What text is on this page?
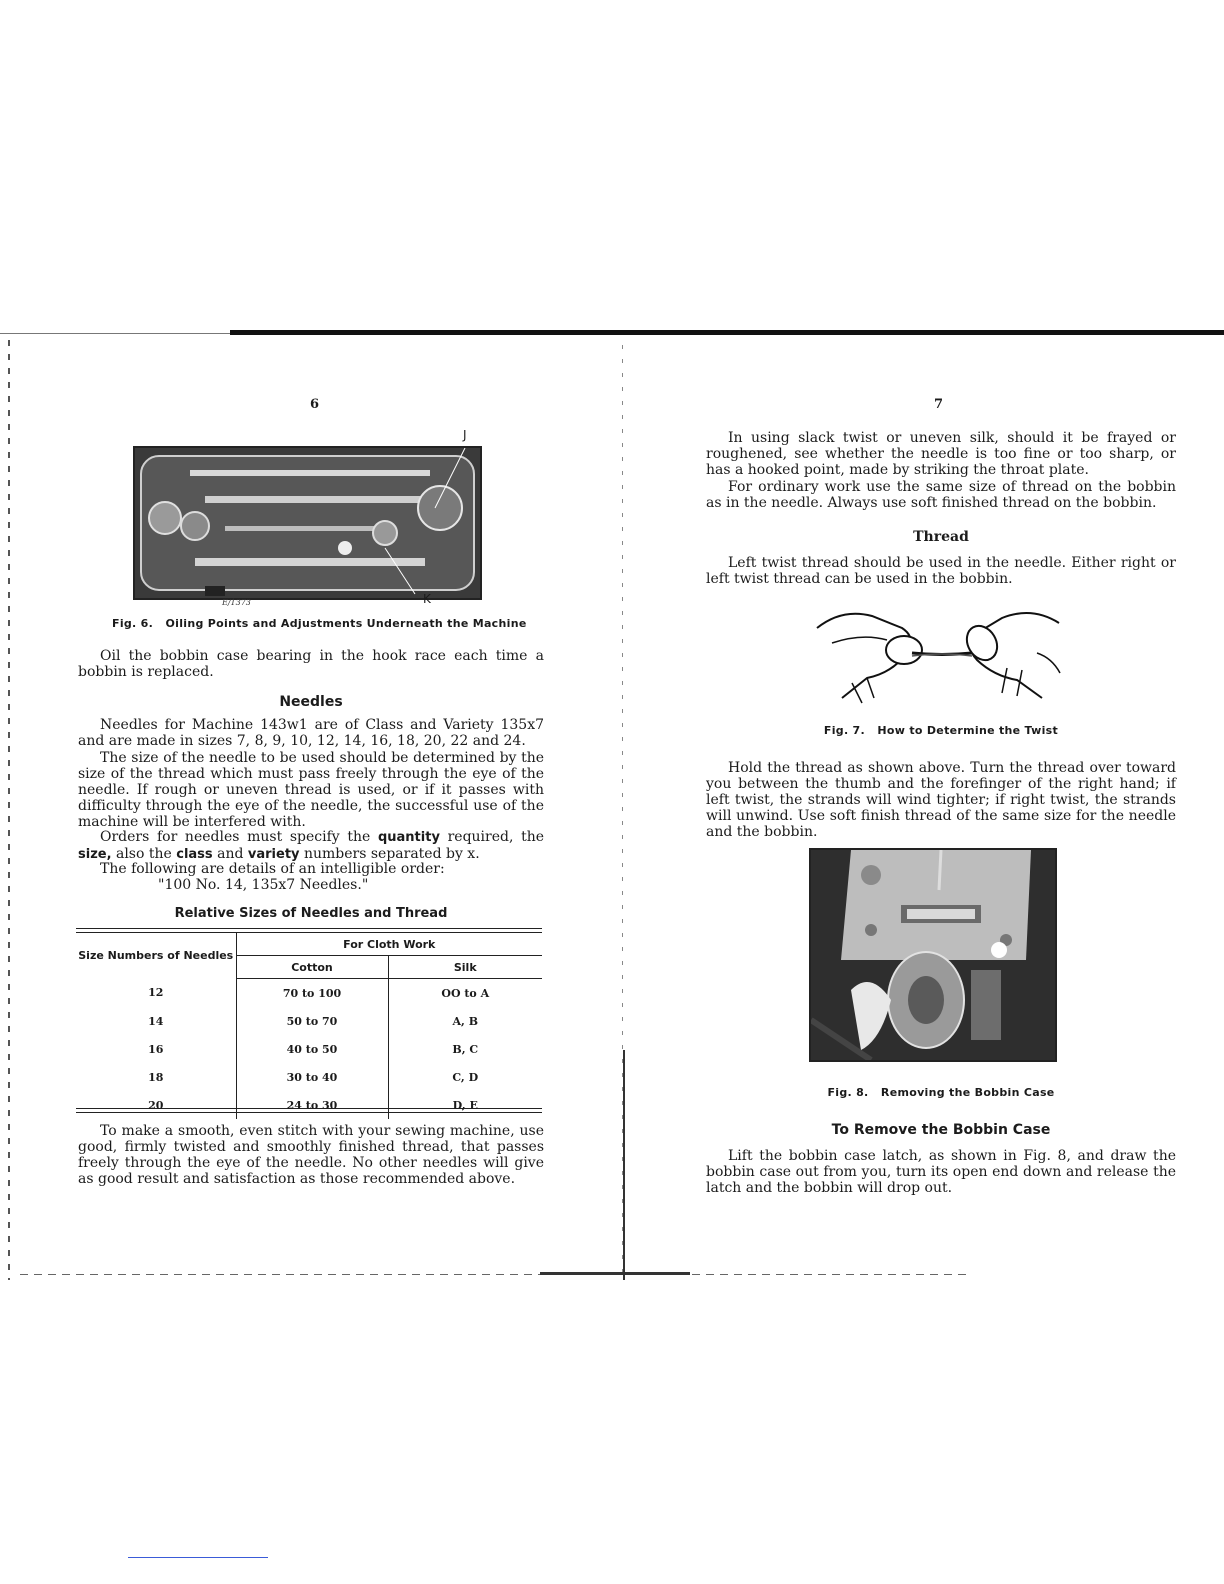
6
J
K
E/1373
Fig. 6.   Oiling Points and Adjustments Underneath the Machine

Oil the bobbin case bearing in the hook race each time a bobbin is replaced.

Needles

Needles for Machine 143w1 are of Class and Variety 135x7 and are made in sizes 7, 8, 9, 10, 12, 14, 16, 18, 20, 22 and 24.

The size of the needle to be used should be determined by the size of the thread which must pass freely through the eye of the needle. If rough or uneven thread is used, or if it passes with difficulty through the eye of the needle, the successful use of the machine will be interfered with.

Orders for needles must specify the quantity required, the size, also the class and variety numbers separated by x.

The following are details of an intelligible order:

"100 No. 14, 135x7 Needles."

Relative Sizes of Needles and Thread
Size Numbers of Needles	For Cloth Work	
	Cotton	Silk
12	70 to 100	OO to A
14	50 to 70	A, B
16	40 to 50	B, C
18	30 to 40	C, D
20	24 to 30	D, E

To make a smooth, even stitch with your sewing machine, use good, firmly twisted and smoothly finished thread, that passes freely through the eye of the needle. No other needles will give as good result and satisfaction as those recommended above.

7

In using slack twist or uneven silk, should it be frayed or roughened, see whether the needle is too fine or too sharp, or has a hooked point, made by striking the throat plate.

For ordinary work use the same size of thread on the bobbin as in the needle. Always use soft finished thread on the bobbin.

Thread

Left twist thread should be used in the needle. Either right or left twist thread can be used in the bobbin.

Fig. 7.   How to Determine the Twist

Hold the thread as shown above. Turn the thread over toward you between the thumb and the forefinger of the right hand; if left twist, the strands will wind tighter; if right twist, the strands will unwind. Use soft finish thread of the same size for the needle and the bobbin.

Fig. 8.   Removing the Bobbin Case
To Remove the Bobbin Case

Lift the bobbin case latch, as shown in Fig. 8, and draw the bobbin case out from you, turn its open end down and release the latch and the bobbin will drop out.
